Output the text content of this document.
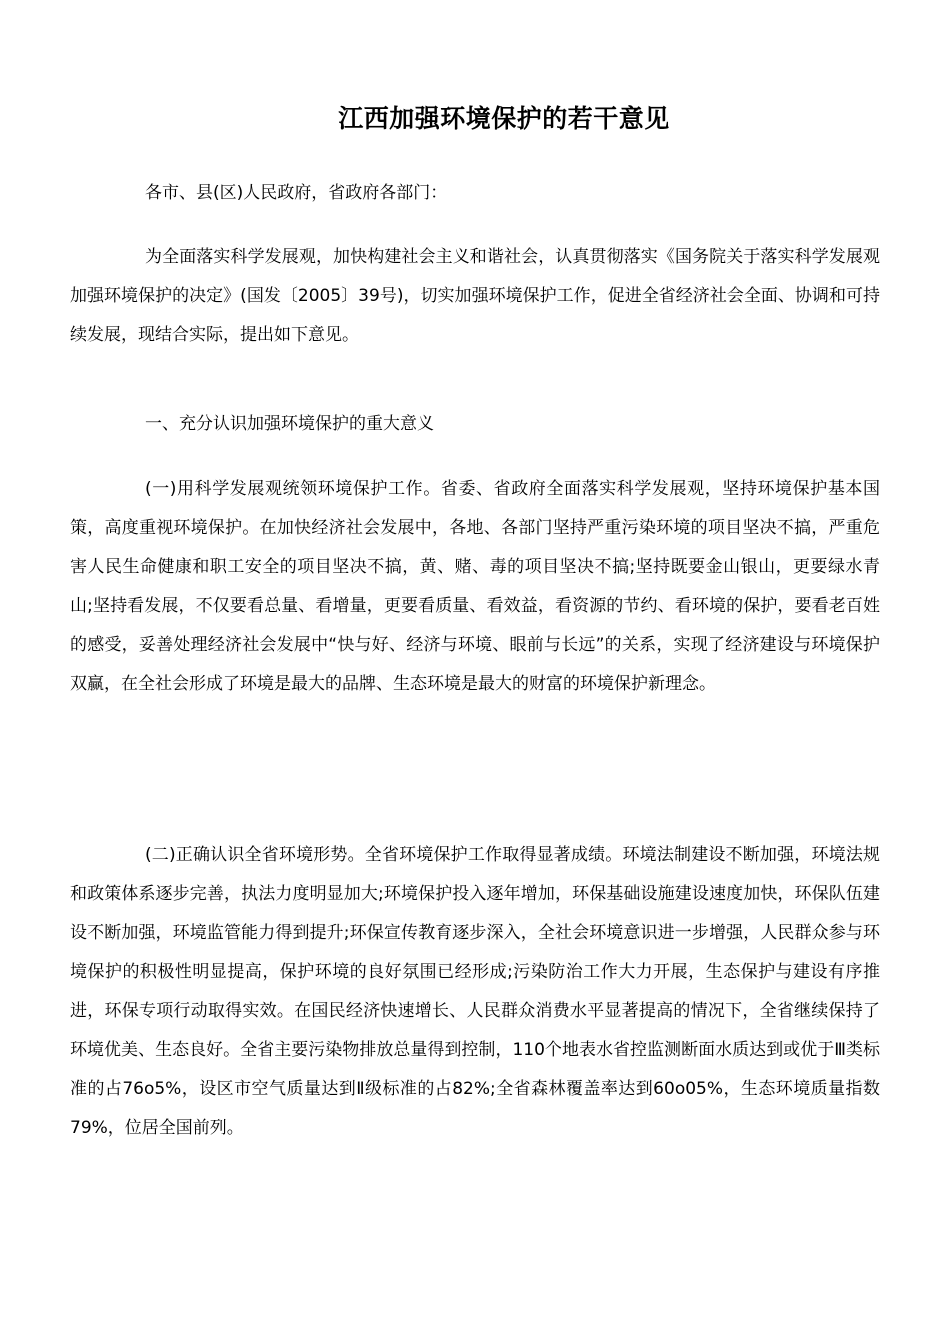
江西加强环境保护的若干意见

各市、县(区)人民政府，省政府各部门：

为全面落实科学发展观，加快构建社会主义和谐社会，认真贯彻落实《国务院关于落实科学发展观加强环境保护的决定》(国发〔2005〕39号)，切实加强环境保护工作，促进全省经济社会全面、协调和可持续发展，现结合实际，提出如下意见。

一、充分认识加强环境保护的重大意义

(一)用科学发展观统领环境保护工作。省委、省政府全面落实科学发展观，坚持环境保护基本国策，高度重视环境保护。在加快经济社会发展中，各地、各部门坚持严重污染环境的项目坚决不搞，严重危害人民生命健康和职工安全的项目坚决不搞，黄、赌、毒的项目坚决不搞;坚持既要金山银山，更要绿水青山;坚持看发展，不仅要看总量、看增量，更要看质量、看效益，看资源的节约、看环境的保护，要看老百姓的感受，妥善处理经济社会发展中“快与好、经济与环境、眼前与长远”的关系，实现了经济建设与环境保护双赢，在全社会形成了环境是最大的品牌、生态环境是最大的财富的环境保护新理念。

(二)正确认识全省环境形势。全省环境保护工作取得显著成绩。环境法制建设不断加强，环境法规和政策体系逐步完善，执法力度明显加大;环境保护投入逐年增加，环保基础设施建设速度加快，环保队伍建设不断加强，环境监管能力得到提升;环保宣传教育逐步深入，全社会环境意识进一步增强，人民群众参与环境保护的积极性明显提高，保护环境的良好氛围已经形成;污染防治工作大力开展，生态保护与建设有序推进，环保专项行动取得实效。在国民经济快速增长、人民群众消费水平显著提高的情况下，全省继续保持了环境优美、生态良好。全省主要污染物排放总量得到控制，110个地表水省控监测断面水质达到或优于Ⅲ类标准的占76o5%，设区市空气质量达到Ⅱ级标准的占82%;全省森林覆盖率达到60o05%，生态环境质量指数79%，位居全国前列。
